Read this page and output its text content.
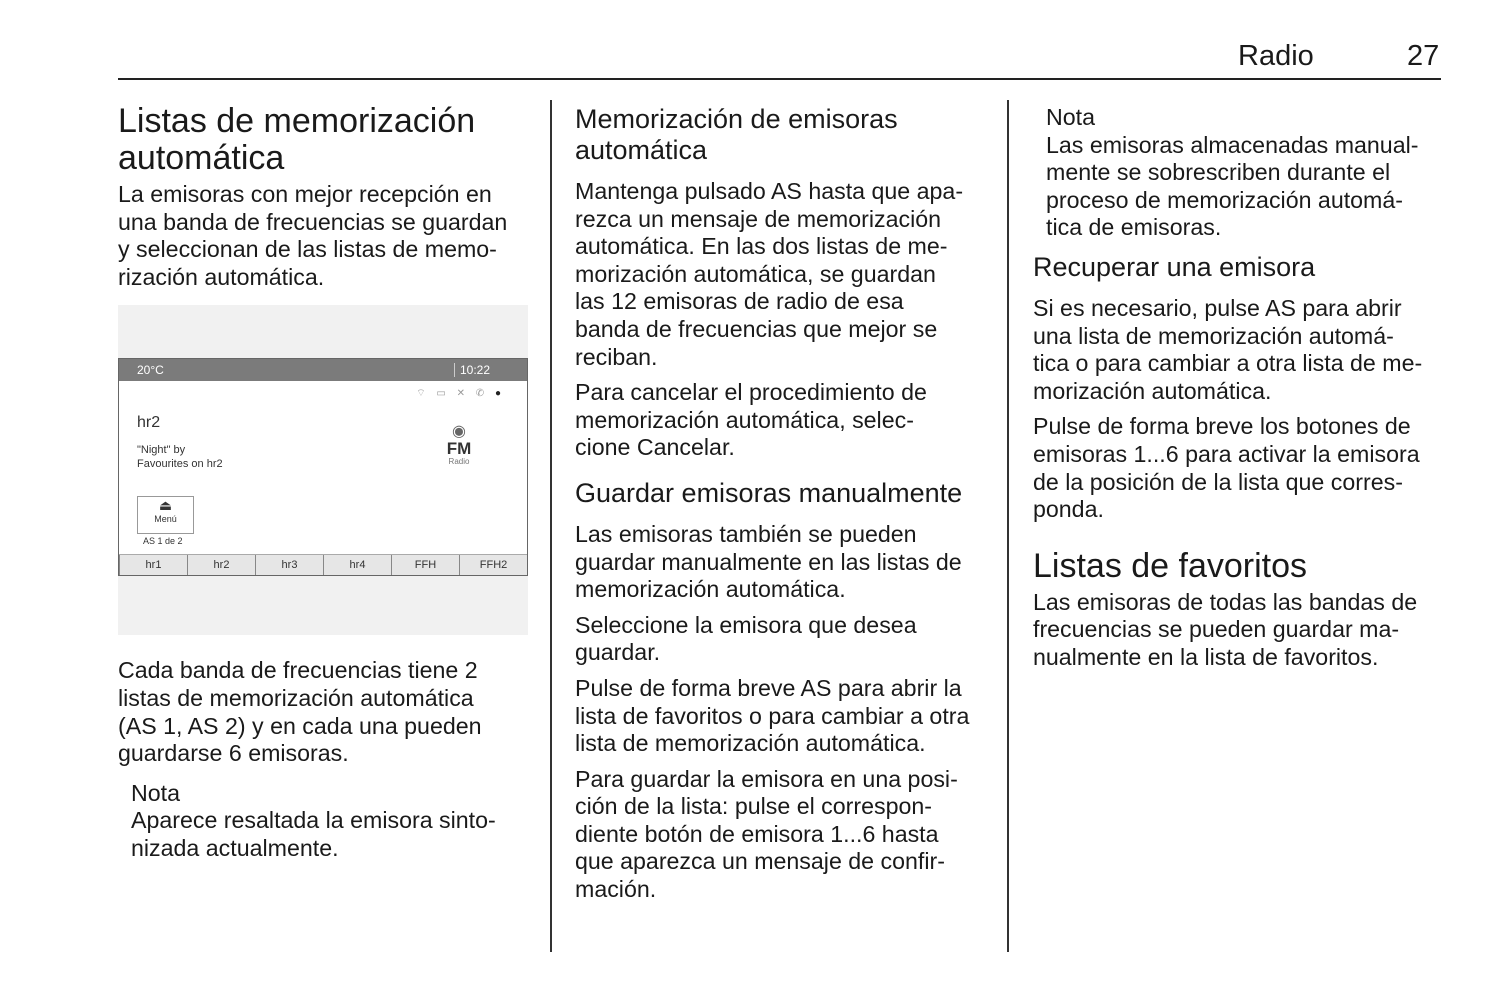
Radio	27
Listas de memorización
automática

La emisoras con mejor recepción en
una banda de frecuencias se guardan
y seleccionan de las listas de memo-
rización automática.

20°C	10:22
⌔ ▭ ✕ ✆ ●
hr2
"Night" by
Favourites on hr2
◉
FM
Radio
⏏
Menú
AS 1 de 2
hr1	hr2	hr3	hr4	FFH	FFH2

Cada banda de frecuencias tiene 2
listas de memorización automática
(AS 1, AS 2) y en cada una pueden
guardarse 6 emisoras.

Nota

Aparece resaltada la emisora sinto-
nizada actualmente.

Memorización de emisoras
automática

Mantenga pulsado AS hasta que apa-
rezca un mensaje de memorización
automática. En las dos listas de me-
morización automática, se guardan
las 12 emisoras de radio de esa
banda de frecuencias que mejor se
reciban.

Para cancelar el procedimiento de
memorización automática, selec-
cione Cancelar.

Guardar emisoras manualmente

Las emisoras también se pueden
guardar manualmente en las listas de
memorización automática.

Seleccione la emisora que desea
guardar.

Pulse de forma breve AS para abrir la
lista de favoritos o para cambiar a otra
lista de memorización automática.

Para guardar la emisora en una posi-
ción de la lista: pulse el correspon-
diente botón de emisora 1...6 hasta
que aparezca un mensaje de confir-
mación.

Nota

Las emisoras almacenadas manual-
mente se sobrescriben durante el
proceso de memorización automá-
tica de emisoras.

Recuperar una emisora

Si es necesario, pulse AS para abrir
una lista de memorización automá-
tica o para cambiar a otra lista de me-
morización automática.

Pulse de forma breve los botones de
emisoras 1...6 para activar la emisora
de la posición de la lista que corres-
ponda.

Listas de favoritos

Las emisoras de todas las bandas de
frecuencias se pueden guardar ma-
nualmente en la lista de favoritos.
